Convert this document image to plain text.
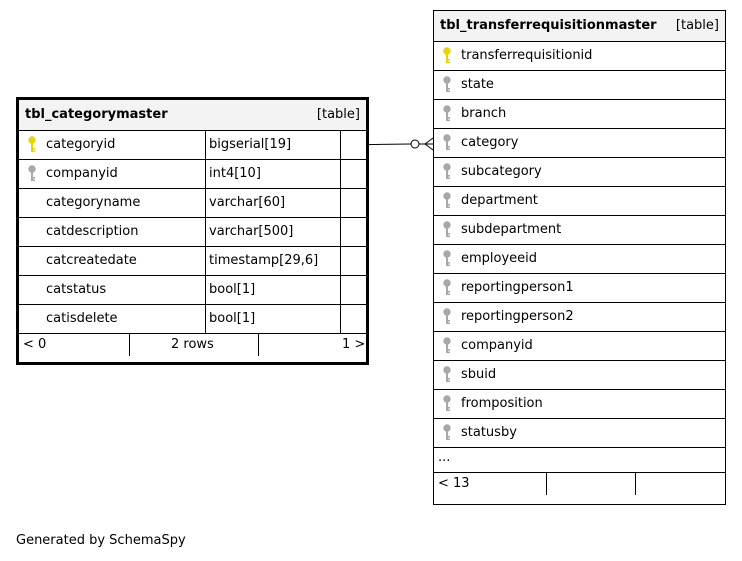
tbl_categorymaster	[table]
categoryid	bigserial[19]
companyid	int4[10]
categoryname	varchar[60]
catdescription	varchar[500]
catcreatedate	timestamp[29,6]
catstatus	bool[1]
catisdelete	bool[1]
< 0	2 rows	1 >
tbl_transferrequisitionmaster [table]
transferrequisitionid
state
branch
category
subcategory
department
subdepartment
employeeid
reportingperson1
reportingperson2
companyid
sbuid
fromposition
statusby
...
< 13
Generated by SchemaSpy
